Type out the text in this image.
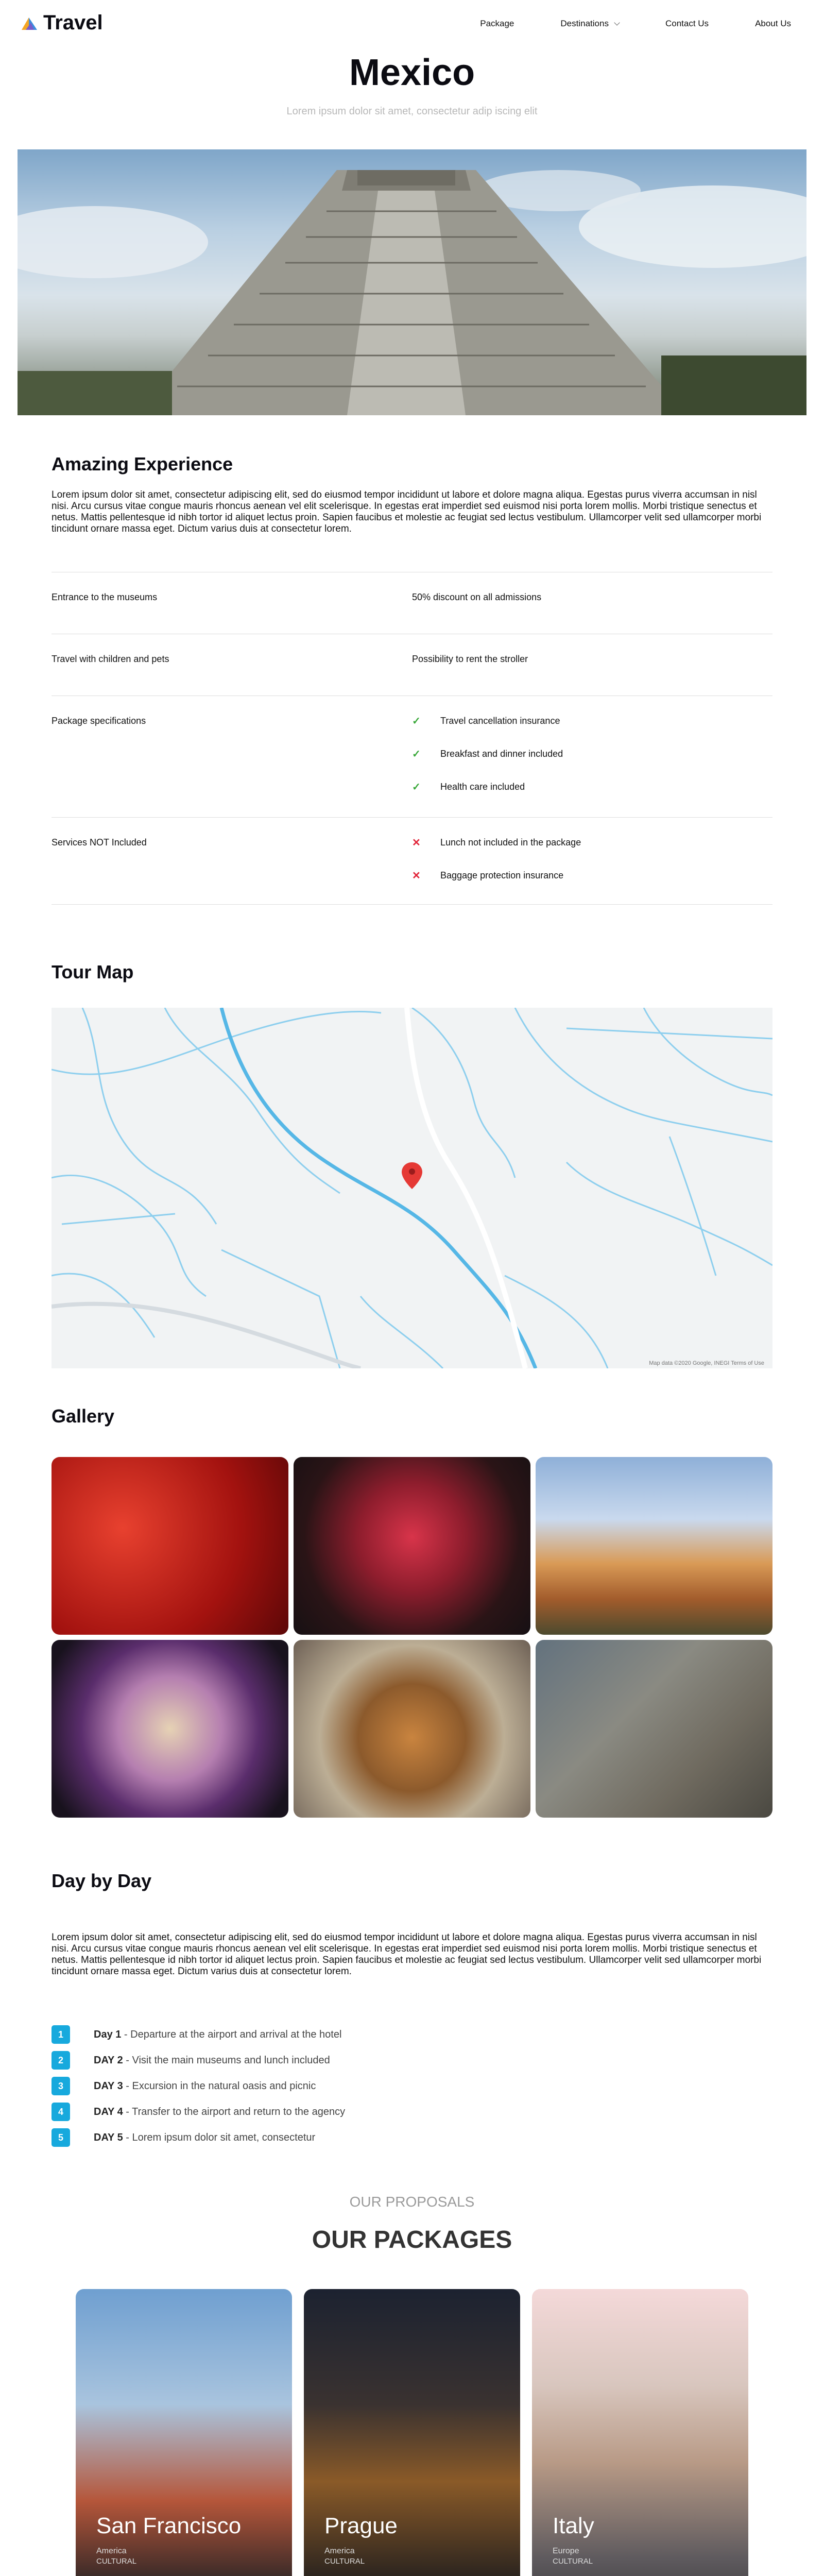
Travel	Package	Destinations	Contact Us	About Us
Mexico
Lorem ipsum dolor sit amet, consectetur adip iscing elit
Amazing Experience
Lorem ipsum dolor sit amet, consectetur adipiscing elit, sed do eiusmod tempor incididunt ut labore et dolore magna aliqua. Egestas purus viverra accumsan in nisl nisi. Arcu cursus vitae congue mauris rhoncus aenean vel elit scelerisque. In egestas erat imperdiet sed euismod nisi porta lorem mollis. Morbi tristique senectus et netus. Mattis pellentesque id nibh tortor id aliquet lectus proin. Sapien faucibus et molestie ac feugiat sed lectus vestibulum. Ullamcorper velit sed ullamcorper morbi tincidunt ornare massa eget. Dictum varius duis at consectetur lorem.
Entrance to the museums	50% discount on all admissions
Travel with children and pets	Possibility to rent the stroller
Package specifications	✓ Travel cancellation insurance
✓ Breakfast and dinner included
✓ Health care included
Services NOT Included	✕ Lunch not included in the package
✕ Baggage protection insurance
Tour Map
Map data ©2020 Google, INEGI Terms of Use
Gallery
Day by Day
Lorem ipsum dolor sit amet, consectetur adipiscing elit, sed do eiusmod tempor incididunt ut labore et dolore magna aliqua. Egestas purus viverra accumsan in nisl nisi. Arcu cursus vitae congue mauris rhoncus aenean vel elit scelerisque. In egestas erat imperdiet sed euismod nisi porta lorem mollis. Morbi tristique senectus et netus. Mattis pellentesque id nibh tortor id aliquet lectus proin. Sapien faucibus et molestie ac feugiat sed lectus vestibulum. Ullamcorper velit sed ullamcorper morbi tincidunt ornare massa eget. Dictum varius duis at consectetur lorem.
1	Day 1 - Departure at the airport and arrival at the hotel
2	DAY 2 - Visit the main museums and lunch included
3	DAY 3 - Excursion in the natural oasis and picnic
4	DAY 4 - Transfer to the airport and return to the agency
5	DAY 5 - Lorem ipsum dolor sit amet, consectetur
OUR PROPOSALS
OUR PACKAGES
San Francisco
America
CULTURAL
Prague
America
CULTURAL
Italy
Europe
CULTURAL
